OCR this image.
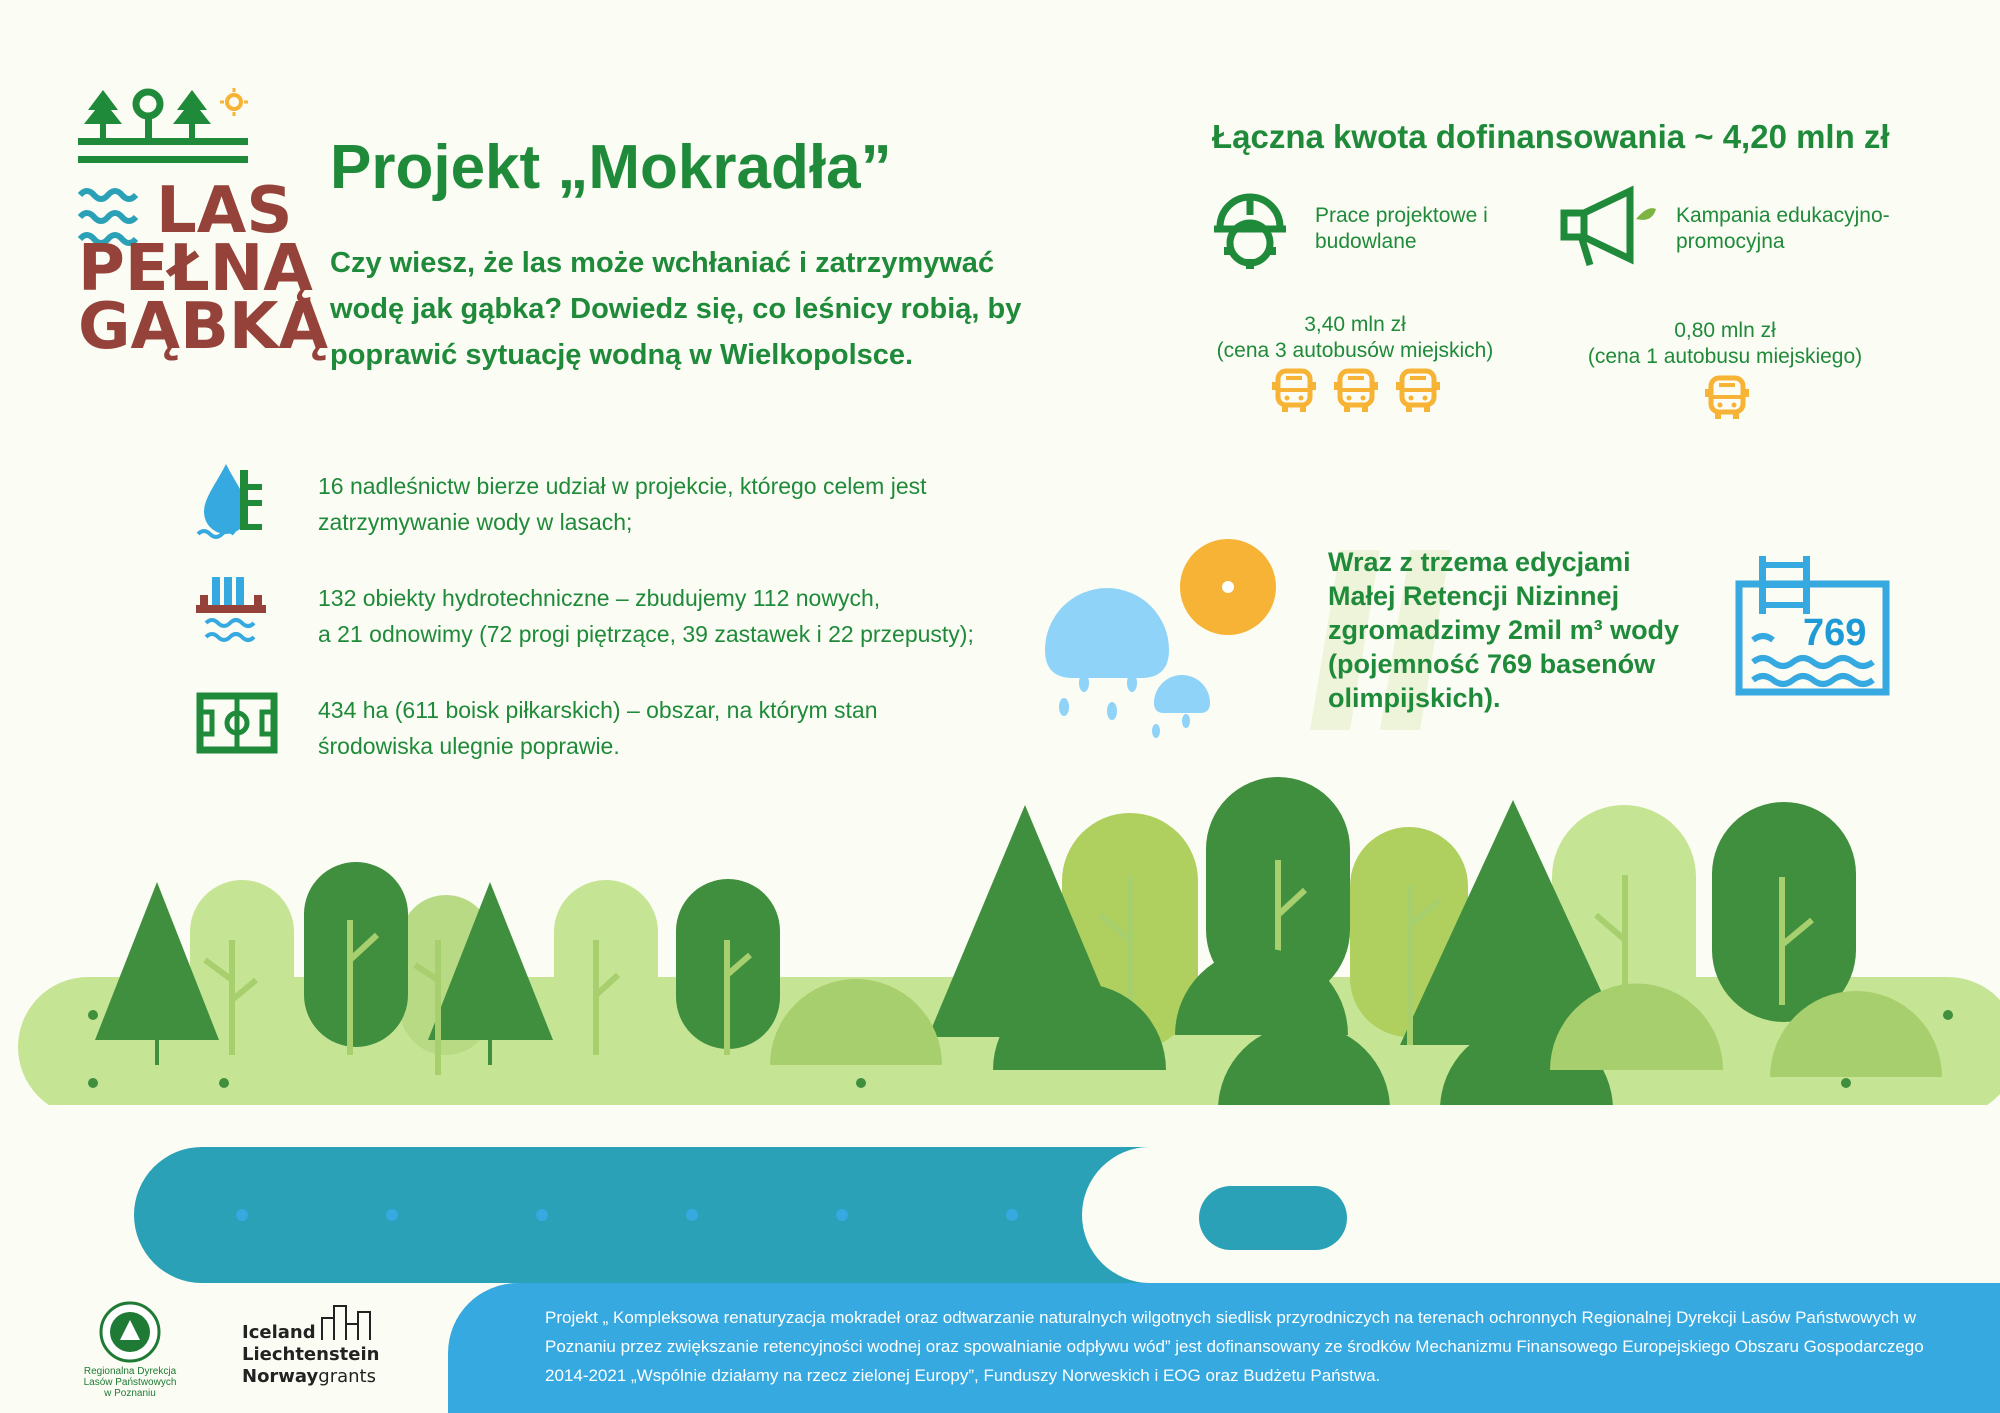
LAS
PEŁNĄ
GĄBKĄ
Projekt „Mokradła”
Czy wiesz, że las może wchłaniać i zatrzymywać wodę jak gąbka? Dowiedz się, co leśnicy robią, by poprawić sytuację wodną w Wielkopolsce.
16 nadleśnictw bierze udział w projekcie, którego celem jest zatrzymywanie wody w lasach;
132 obiekty hydrotechniczne – zbudujemy 112 nowych,
a 21 odnowimy (72 progi piętrzące, 39 zastawek i 22 przepusty);
434 ha (611 boisk piłkarskich) – obszar, na którym stan środowiska ulegnie poprawie.
Łączna kwota dofinansowania ~ 4,20 mln zł
Prace projektowe i budowlane
Kampania edukacyjno-promocyjna
3,40 mln zł
(cena 3 autobusów miejskich)
0,80 mln zł
(cena 1 autobusu miejskiego)
Wraz z trzema edycjami Małej Retencji Nizinnej zgromadzimy 2mil m³ wody (pojemność 769 basenów olimpijskich).
769
Projekt „ Kompleksowa renaturyzacja mokradeł oraz odtwarzanie naturalnych wilgotnych siedlisk przyrodniczych na terenach ochronnych Regionalnej Dyrekcji Lasów Państwowych w Poznaniu przez zwiększanie retencyjności wodnej oraz spowalnianie odpływu wód” jest dofinansowany ze środków Mechanizmu Finansowego Europejskiego Obszaru Gospodarczego 2014-2021 „Wspólnie działamy na rzecz zielonej Europy”, Funduszy Norweskich i EOG oraz Budżetu Państwa.
Regionalna Dyrekcja
Lasów Państwowych
w Poznaniu
Iceland
Liechtenstein
Norwaygrants
